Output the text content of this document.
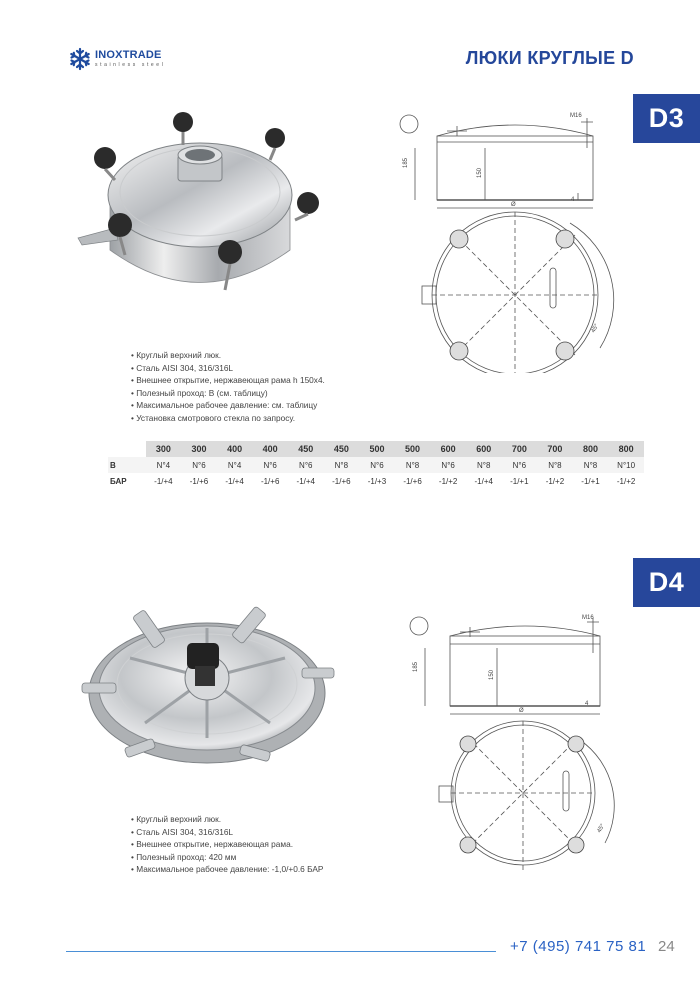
INOXTRADE
stainless steel	ЛЮКИ КРУГЛЫЕ D
D3
D4
M16
185
150
4
Ø
45°
• Круглый верхний люк.
• Сталь AISI 304, 316/316L
• Внешнее открытие, нержавеющая рама h 150x4.
• Полезный проход: В (см. таблицу)
• Максимальное рабочее давление: см. таблицу
• Установка смотрового стекла по запросу.
	300	300	400	400	450	450	500	500	600	600	700	700	800	800
В	N°4	N°6	N°4	N°6	N°6	N°8	N°6	N°8	N°6	N°8	N°6	N°8	N°8	N°10
БАР	-1/+4	-1/+6	-1/+4	-1/+6	-1/+4	-1/+6	-1/+3	-1/+6	-1/+2	-1/+4	-1/+1	-1/+2	-1/+1	-1/+2
M16
185
150
4
Ø
45°
• Круглый верхний люк.
• Сталь AISI 304, 316/316L
• Внешнее открытие, нержавеющая рама.
• Полезный проход: 420 мм
• Максимальное рабочее давление: -1,0/+0.6 БАР
+7 (495) 741 75 81 24
